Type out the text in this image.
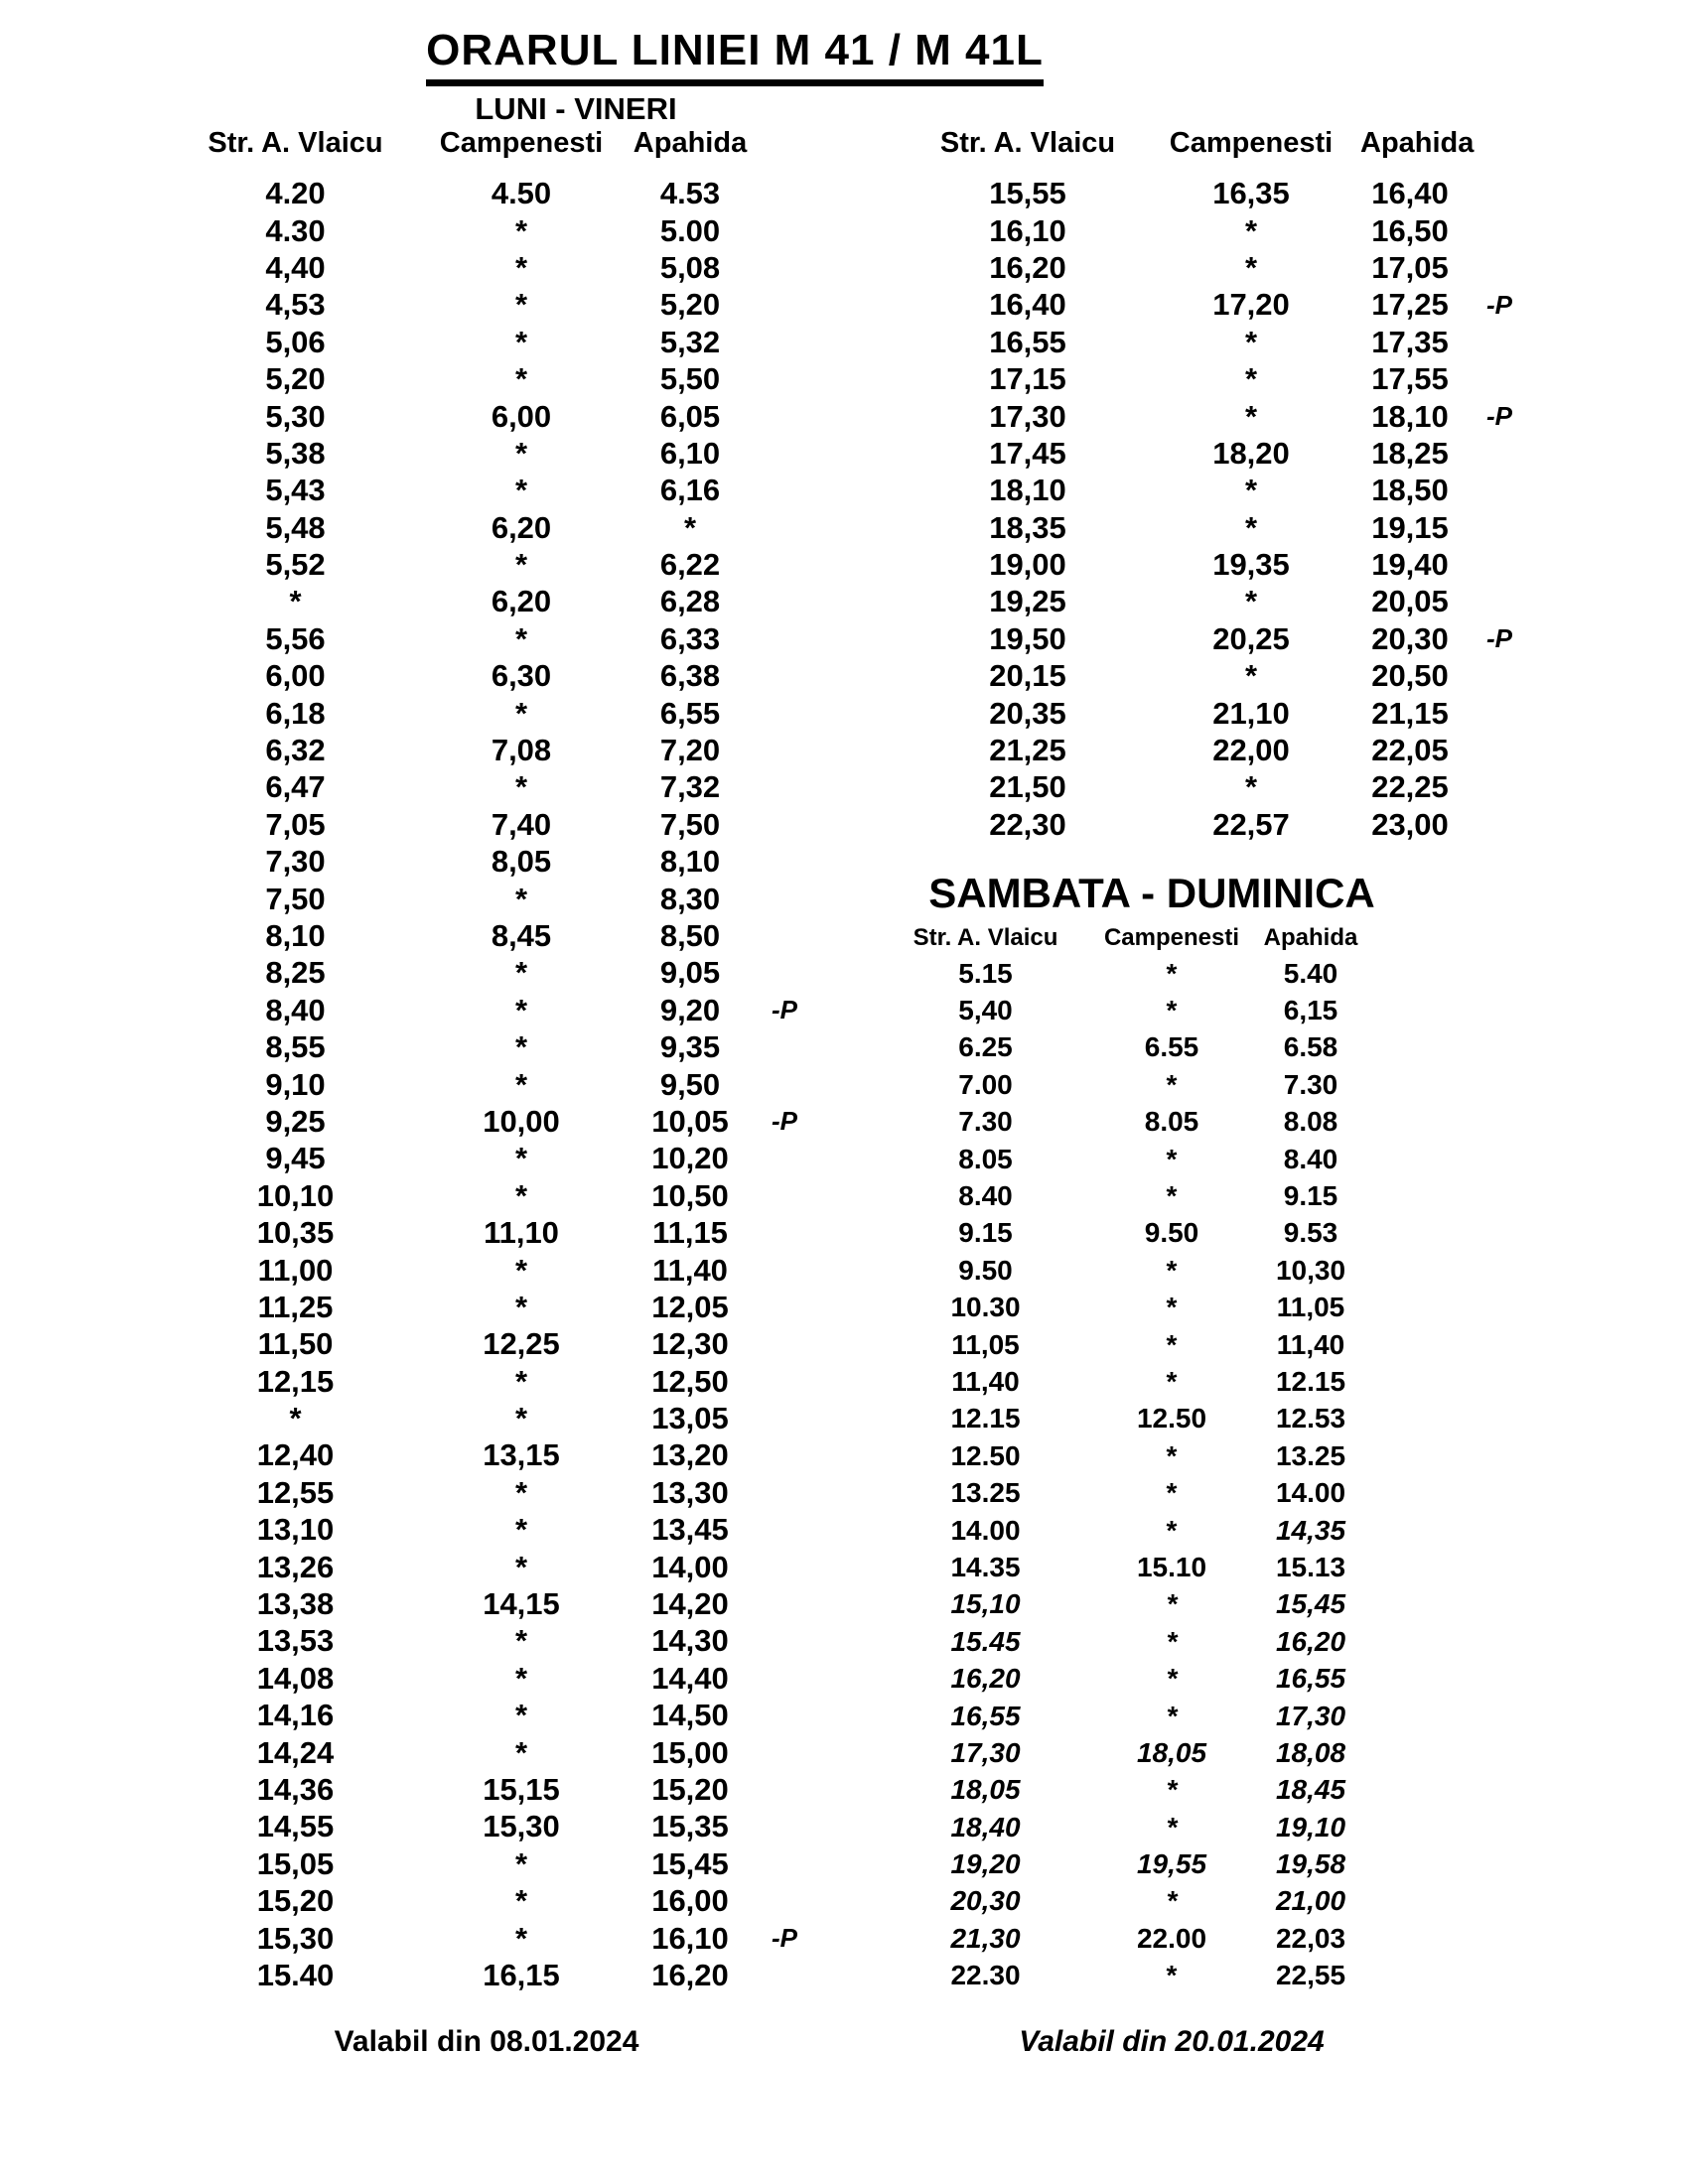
ORARUL LINIEI M 41 / M 41L
LUNI - VINERI
Str. A. Vlaicu	Campenesti	Apahida
4.20	4.50	4.53
4.30	*	5.00
4,40	*	5,08
4,53	*	5,20
5,06	*	5,32
5,20	*	5,50
5,30	6,00	6,05
5,38	*	6,10
5,43	*	6,16
5,48	6,20	*
5,52	*	6,22
*	6,20	6,28
5,56	*	6,33
6,00	6,30	6,38
6,18	*	6,55
6,32	7,08	7,20
6,47	*	7,32
7,05	7,40	7,50
7,30	8,05	8,10
7,50	*	8,30
8,10	8,45	8,50
8,25	*	9,05
8,40	*	9,20	-P
8,55	*	9,35
9,10	*	9,50
9,25	10,00	10,05	-P
9,45	*	10,20
10,10	*	10,50
10,35	11,10	11,15
11,00	*	11,40
11,25	*	12,05
11,50	12,25	12,30
12,15	*	12,50
*	*	13,05
12,40	13,15	13,20
12,55	*	13,30
13,10	*	13,45
13,26	*	14,00
13,38	14,15	14,20
13,53	*	14,30
14,08	*	14,40
14,16	*	14,50
14,24	*	15,00
14,36	15,15	15,20
14,55	15,30	15,35
15,05	*	15,45
15,20	*	16,00
15,30	*	16,10	-P
15.40	16,15	16,20
Str. A. Vlaicu	Campenesti Apahida
15,55	16,35	16,40
16,10	*	16,50
16,20	*	17,05
16,40	17,20	17,25	-P
16,55	*	17,35
17,15	*	17,55
17,30	*	18,10	-P
17,45	18,20	18,25
18,10	*	18,50
18,35	*	19,15
19,00	19,35	19,40
19,25	*	20,05
19,50	20,25	20,30	-P
20,15	*	20,50
20,35	21,10	21,15
21,25	22,00	22,05
21,50	*	22,25
22,30	22,57	23,00
SAMBATA - DUMINICA
Str. A. Vlaicu	Campenesti	Apahida
5.15	*	5.40
5,40	*	6,15
6.25	6.55	6.58
7.00	*	7.30
7.30	8.05	8.08
8.05	*	8.40
8.40	*	9.15
9.15	9.50	9.53
9.50	*	10,30
10.30	*	11,05
11,05	*	11,40
11,40	*	12.15
12.15	12.50	12.53
12.50	*	13.25
13.25	*	14.00
14.00	*	14,35
14.35	15.10	15.13
15,10	*	15,45
15.45	*	16,20
16,20	*	16,55
16,55	*	17,30
17,30	18,05	18,08
18,05	*	18,45
18,40	*	19,10
19,20	19,55	19,58
20,30	*	21,00
21,30	22.00	22,03
22.30	*	22,55
Valabil din 08.01.2024	Valabil din 20.01.2024
